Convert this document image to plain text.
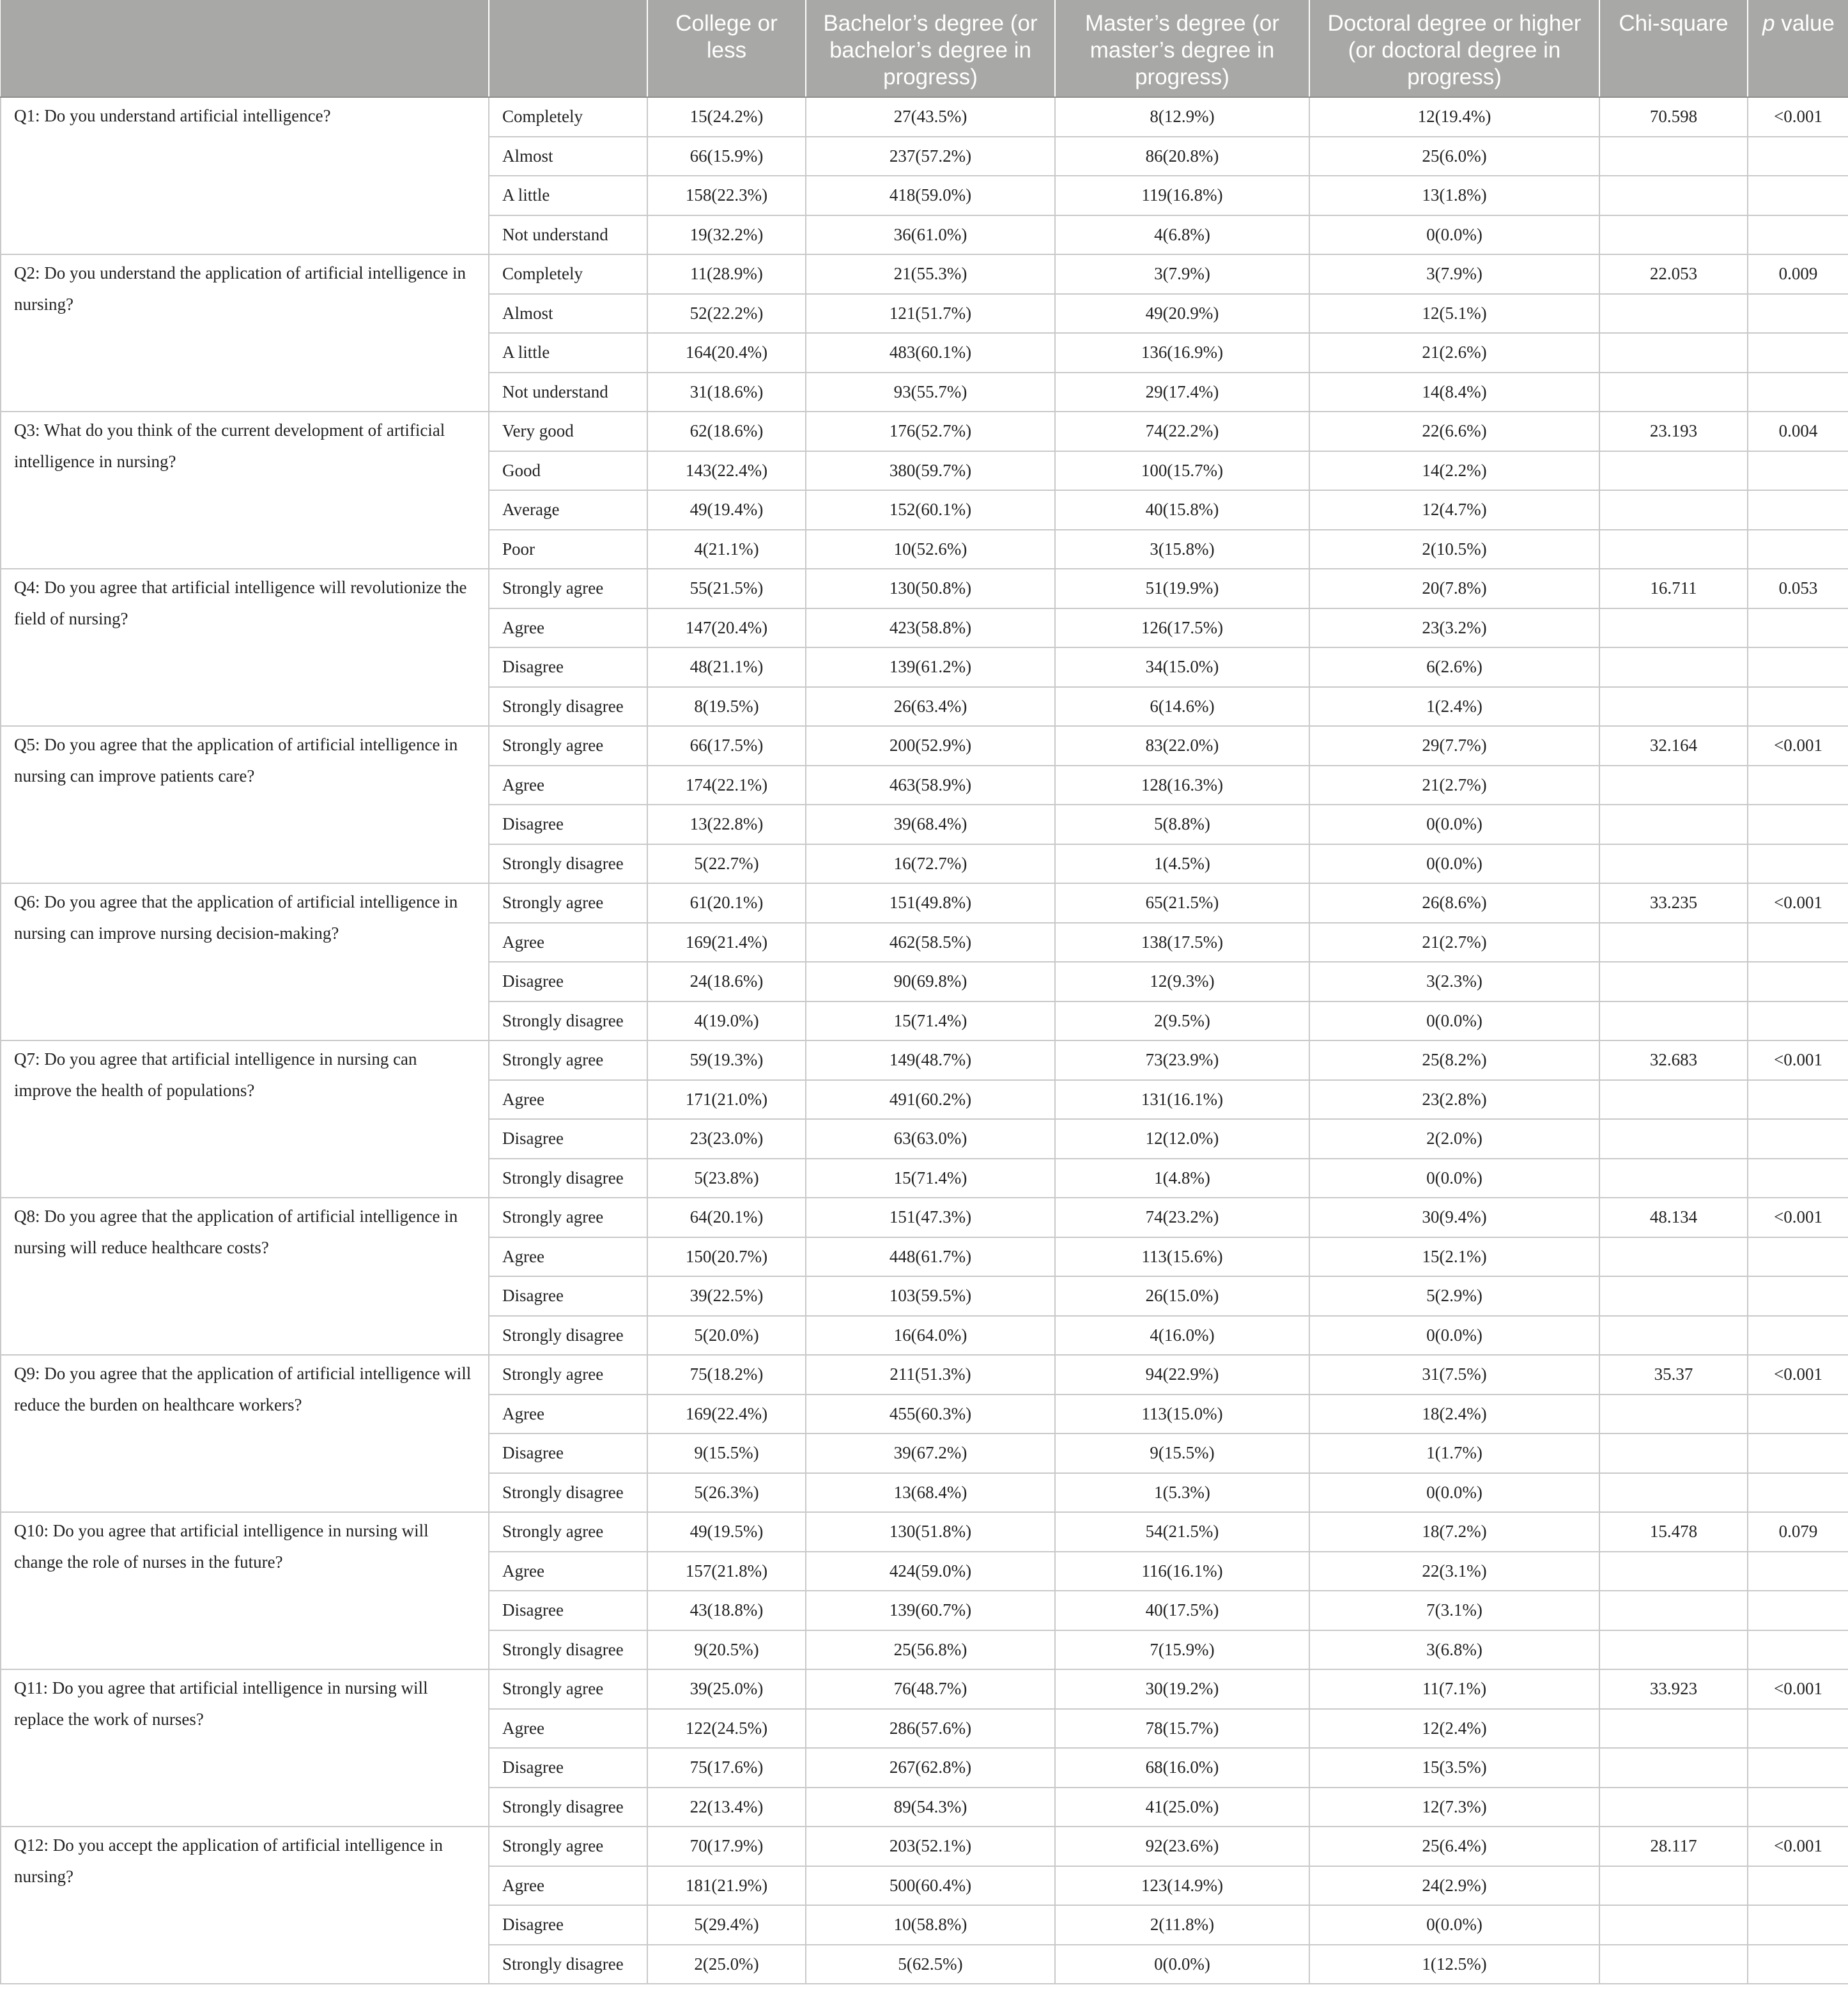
		College or less	Bachelor’s degree (or bachelor’s degree in progress)	Master’s degree (or master’s degree in progress)	Doctoral degree or higher (or doctoral degree in progress)	Chi-square	p value
Q1: Do you understand artificial intelligence?	Completely	15(24.2%)	27(43.5%)	8(12.9%)	12(19.4%)	70.598	<0.001
	Almost	66(15.9%)	237(57.2%)	86(20.8%)	25(6.0%)		
	A little	158(22.3%)	418(59.0%)	119(16.8%)	13(1.8%)		
	Not understand	19(32.2%)	36(61.0%)	4(6.8%)	0(0.0%)		
Q2: Do you understand the application of artificial intelligence in nursing?	Completely	11(28.9%)	21(55.3%)	3(7.9%)	3(7.9%)	22.053	0.009
	Almost	52(22.2%)	121(51.7%)	49(20.9%)	12(5.1%)		
	A little	164(20.4%)	483(60.1%)	136(16.9%)	21(2.6%)		
	Not understand	31(18.6%)	93(55.7%)	29(17.4%)	14(8.4%)		
Q3: What do you think of the current development of artificial intelligence in nursing?	Very good	62(18.6%)	176(52.7%)	74(22.2%)	22(6.6%)	23.193	0.004
	Good	143(22.4%)	380(59.7%)	100(15.7%)	14(2.2%)		
	Average	49(19.4%)	152(60.1%)	40(15.8%)	12(4.7%)		
	Poor	4(21.1%)	10(52.6%)	3(15.8%)	2(10.5%)		
Q4: Do you agree that artificial intelligence will revolutionize the field of nursing?	Strongly agree	55(21.5%)	130(50.8%)	51(19.9%)	20(7.8%)	16.711	0.053
	Agree	147(20.4%)	423(58.8%)	126(17.5%)	23(3.2%)		
	Disagree	48(21.1%)	139(61.2%)	34(15.0%)	6(2.6%)		
	Strongly disagree	8(19.5%)	26(63.4%)	6(14.6%)	1(2.4%)		
Q5: Do you agree that the application of artificial intelligence in nursing can improve patients care?	Strongly agree	66(17.5%)	200(52.9%)	83(22.0%)	29(7.7%)	32.164	<0.001
	Agree	174(22.1%)	463(58.9%)	128(16.3%)	21(2.7%)		
	Disagree	13(22.8%)	39(68.4%)	5(8.8%)	0(0.0%)		
	Strongly disagree	5(22.7%)	16(72.7%)	1(4.5%)	0(0.0%)		
Q6: Do you agree that the application of artificial intelligence in nursing can improve nursing decision-making?	Strongly agree	61(20.1%)	151(49.8%)	65(21.5%)	26(8.6%)	33.235	<0.001
	Agree	169(21.4%)	462(58.5%)	138(17.5%)	21(2.7%)		
	Disagree	24(18.6%)	90(69.8%)	12(9.3%)	3(2.3%)		
	Strongly disagree	4(19.0%)	15(71.4%)	2(9.5%)	0(0.0%)		
Q7: Do you agree that artificial intelligence in nursing can improve the health of populations?	Strongly agree	59(19.3%)	149(48.7%)	73(23.9%)	25(8.2%)	32.683	<0.001
	Agree	171(21.0%)	491(60.2%)	131(16.1%)	23(2.8%)		
	Disagree	23(23.0%)	63(63.0%)	12(12.0%)	2(2.0%)		
	Strongly disagree	5(23.8%)	15(71.4%)	1(4.8%)	0(0.0%)		
Q8: Do you agree that the application of artificial intelligence in nursing will reduce healthcare costs?	Strongly agree	64(20.1%)	151(47.3%)	74(23.2%)	30(9.4%)	48.134	<0.001
	Agree	150(20.7%)	448(61.7%)	113(15.6%)	15(2.1%)		
	Disagree	39(22.5%)	103(59.5%)	26(15.0%)	5(2.9%)		
	Strongly disagree	5(20.0%)	16(64.0%)	4(16.0%)	0(0.0%)		
Q9: Do you agree that the application of artificial intelligence will reduce the burden on healthcare workers?	Strongly agree	75(18.2%)	211(51.3%)	94(22.9%)	31(7.5%)	35.37	<0.001
	Agree	169(22.4%)	455(60.3%)	113(15.0%)	18(2.4%)		
	Disagree	9(15.5%)	39(67.2%)	9(15.5%)	1(1.7%)		
	Strongly disagree	5(26.3%)	13(68.4%)	1(5.3%)	0(0.0%)		
Q10: Do you agree that artificial intelligence in nursing will change the role of nurses in the future?	Strongly agree	49(19.5%)	130(51.8%)	54(21.5%)	18(7.2%)	15.478	0.079
	Agree	157(21.8%)	424(59.0%)	116(16.1%)	22(3.1%)		
	Disagree	43(18.8%)	139(60.7%)	40(17.5%)	7(3.1%)		
	Strongly disagree	9(20.5%)	25(56.8%)	7(15.9%)	3(6.8%)		
Q11: Do you agree that artificial intelligence in nursing will replace the work of nurses?	Strongly agree	39(25.0%)	76(48.7%)	30(19.2%)	11(7.1%)	33.923	<0.001
	Agree	122(24.5%)	286(57.6%)	78(15.7%)	12(2.4%)		
	Disagree	75(17.6%)	267(62.8%)	68(16.0%)	15(3.5%)		
	Strongly disagree	22(13.4%)	89(54.3%)	41(25.0%)	12(7.3%)		
Q12: Do you accept the application of artificial intelligence in nursing?	Strongly agree	70(17.9%)	203(52.1%)	92(23.6%)	25(6.4%)	28.117	<0.001
	Agree	181(21.9%)	500(60.4%)	123(14.9%)	24(2.9%)		
	Disagree	5(29.4%)	10(58.8%)	2(11.8%)	0(0.0%)		
	Strongly disagree	2(25.0%)	5(62.5%)	0(0.0%)	1(12.5%)		
